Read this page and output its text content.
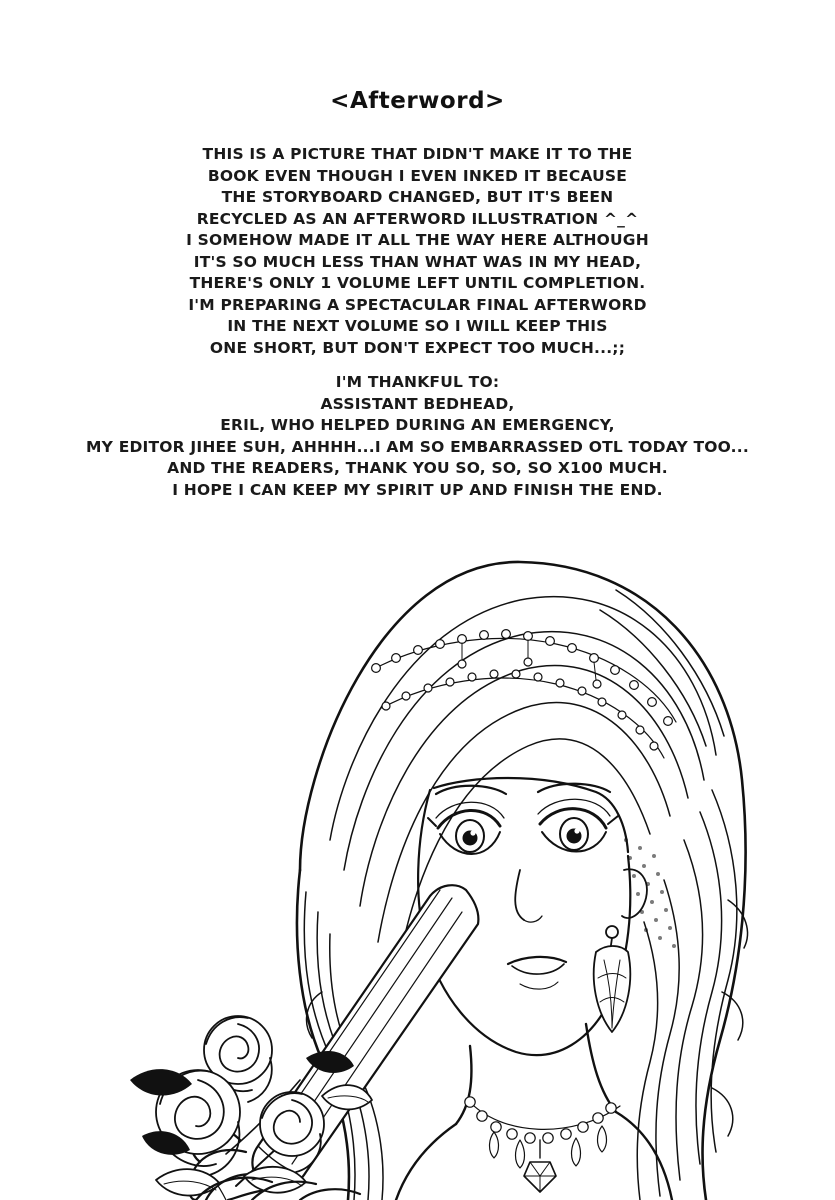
<Afterword>
THIS IS A PICTURE THAT DIDN'T MAKE IT TO THE
BOOK EVEN THOUGH I EVEN INKED IT BECAUSE
THE STORYBOARD CHANGED, BUT IT'S BEEN
RECYCLED AS AN AFTERWORD ILLUSTRATION ^_^
I SOMEHOW MADE IT ALL THE WAY HERE ALTHOUGH
IT'S SO MUCH LESS THAN WHAT WAS IN MY HEAD,
THERE'S ONLY 1 VOLUME LEFT UNTIL COMPLETION.
I'M PREPARING A SPECTACULAR FINAL AFTERWORD
IN THE NEXT VOLUME SO I WILL KEEP THIS
ONE SHORT, BUT DON'T EXPECT TOO MUCH...;;
I'M THANKFUL TO:
ASSISTANT BEDHEAD,
ERIL, WHO HELPED DURING AN EMERGENCY,
MY EDITOR JIHEE SUH, AHHHH...I AM SO EMBARRASSED OTL TODAY TOO...
AND THE READERS, THANK YOU SO, SO, SO X100 MUCH.
I HOPE I CAN KEEP MY SPIRIT UP AND FINISH THE END.
